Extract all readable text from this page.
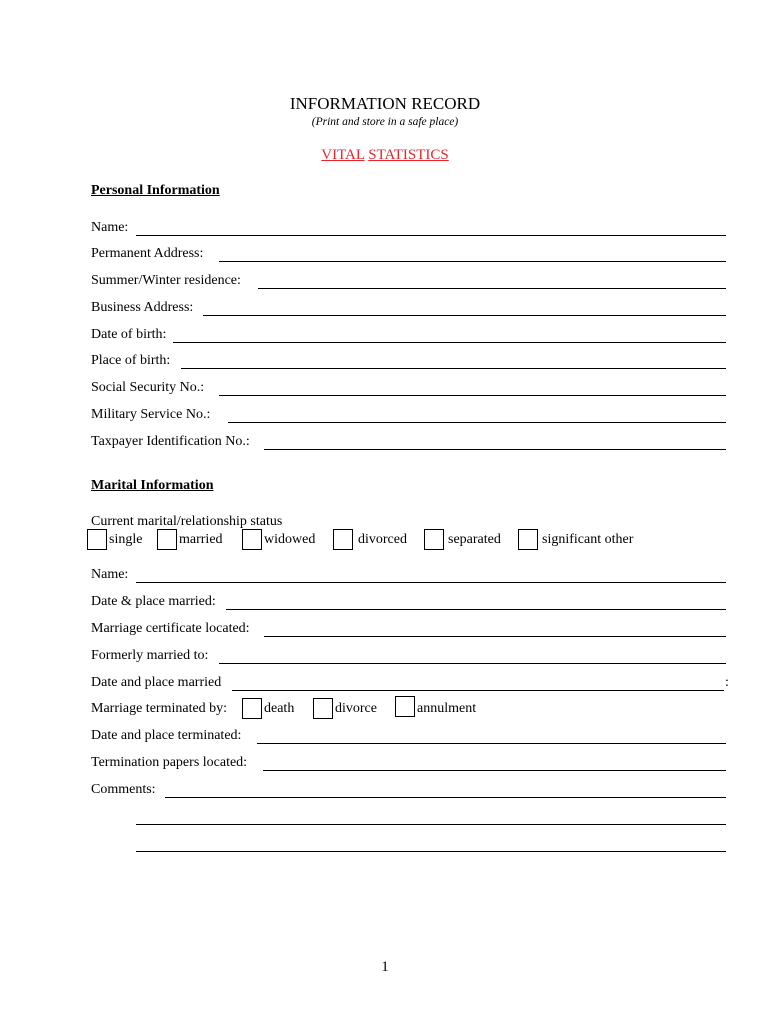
INFORMATION RECORD
(Print and store in a safe place)
VITAL STATISTICS
Personal Information
Name:
Permanent Address:
Summer/Winter residence:
Business Address:
Date of birth:
Place of birth:
Social Security No.:
Military Service No.:
Taxpayer Identification No.:
Marital Information
Current marital/relationship status
single	married	widowed	divorced	separated	significant other
Name:
Date & place married:
Marriage certificate located:
Formerly married to:
Date and place married	:
Marriage terminated by:	death	divorce	annulment
Date and place terminated:
Termination papers located:
Comments:
1
